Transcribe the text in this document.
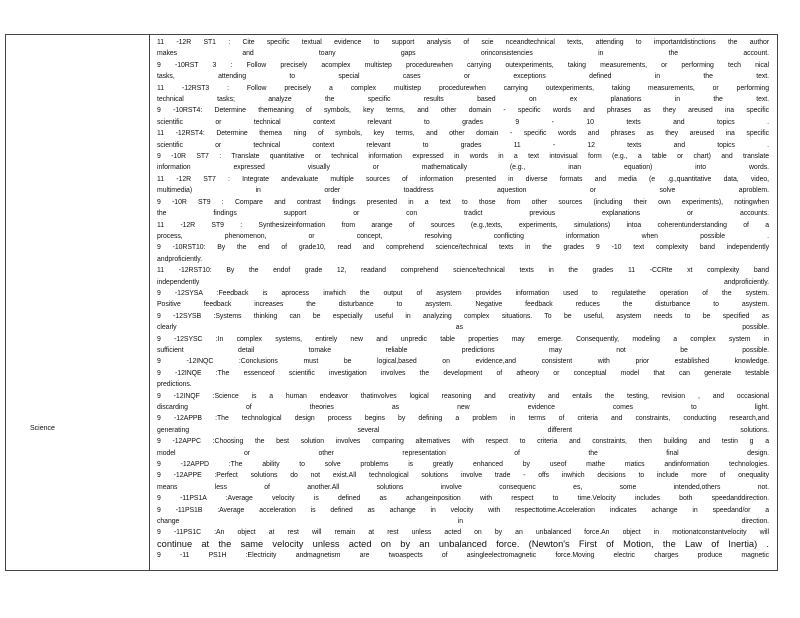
Science
11 -12R ST1 : Cite specific textual evidence to support analysis of scie nceandtechnical texts, attending to importantdistinctions the author
makes and toany gaps orinconsistencies in the account.
9 -10RST 3 : Follow precisely acomplex multistep procedurewhen carrying outexperiments, taking measurements, or performing tech nical
tasks, attending to special cases or exceptions defined in the text.
11 -12RST3 : Follow precisely a complex multistep procedurewhen carrying outexperiments, taking measurements, or performing
technical tasks; analyze the specific results based on ex planations in the text.
9 -10RST4: Determine themeaning of symbols, key terms, and other domain - specific words and phrases as they areused ina specific
scientific or technical context relevant to grades 9 - 10 texts and topics .
11 -12RST4: Determine themea ning of symbols, key terms, and other domain - specific words and phrases as they areused ina specific
scientific or technical context relevant to grades 11 - 12 texts and topics .
9 -10R ST7 : Translate quantitative or technical information expressed in words in a text intovisual form (e.g., a table or chart) and translate
information expressed visually or mathematically (e.g., inan equation) into words.
11 -12R ST7 : Integrate andevaluate multiple sources of information presented in diverse formats and media (e .g.,quantitative data, video,
multimedia) in order toaddress aquestion or solve aproblem.
9 -10R ST9 : Compare and contrast findings presented in a text to those from other sources (including their own experiments), notingwhen
the findings support or con tradict previous explanations or accounts.
11 -12R ST9 : Synthesizeinformation from arange of sources (e.g.,texts, experiments, simulations) intoa coherentunderstanding of a
process, phenomenon, or concept, resolving conflicting information when possible .
9 -10RST10: By the end of grade10, read and comprehend science/technical texts in the grades 9 -10 text complexity band independently
andproficiently.
11 -12RST10: By the endof grade 12, readand comprehend science/technical texts in the grades 11 -CCRte xt complexity band
independently andproficiently.
9 -12SYSA :Feedback is aprocess inwhich the output of asystem provides information used to regulatethe operation of the system.
Positive feedback increases the disturbance to asystem. Negative feedback reduces the disturbance to asystem.
9 -12SYSB :Systems thinking can be especially useful in analyzing complex situations. To be useful, asystem needs to be specified as
clearly as possible.
9 -12SYSC :In complex systems, entirely new and unpredic table properties may emerge. Consequently, modeling a complex system in
sufficient detail tomake reliable predictions may not be possible.
9 -12INQC :Conclusions must be logical,based on evidence,and consistent with prior established knowledge.
9 -12INQE :The essenceof scientific investigation involves the development of atheory or conceptual model that can generate testable
predictions.
9 -12INQF :Science is a human endeavor thatinvolves logical reasoning and creativity and entails the testing, revision , and occasional
discarding of theories as new evidence comes to light.
9 -12APPB :The technological design process begins by defining a problem in terms of criteria and constraints, conducting research,and
generating several different solutions.
9 -12APPC :Choosing the best solution involves comparing alternatives with respect to criteria and constraints, then building and testin g a
model or other representation of the final design.
9 -12APPD :The ability to solve problems is greatly enhanced by useof mathe matics andinformation technologies.
9 -12APPE :Perfect solutions do not exist.All technological solutions involve trade - offs inwhich decisions to include more of onequality
means less of another.All solutions involve consequenc es, some intended,others not.
9 -11PS1A :Average velocity is defined as achangeinposition with respect to time.Velocity includes both speedanddirection.
9 -11PS1B :Average acceleration is defined as achange in velocity with respecttotime.Acceleration indicates achange in speedand/or a
change in direction.
9 -11PS1C :An object at rest will remain at rest unless acted on by an unbalanced force.An object in motionatconstantvelocity will
continue at the same velocity unless acted on by an unbalanced force. (Newton's First of Motion, the Law of Inertia) .
9 -11 PS1H :Electricity andmagnetism are twoaspects of asingleelectromagnetic force.Moving electric charges produce magnetic
